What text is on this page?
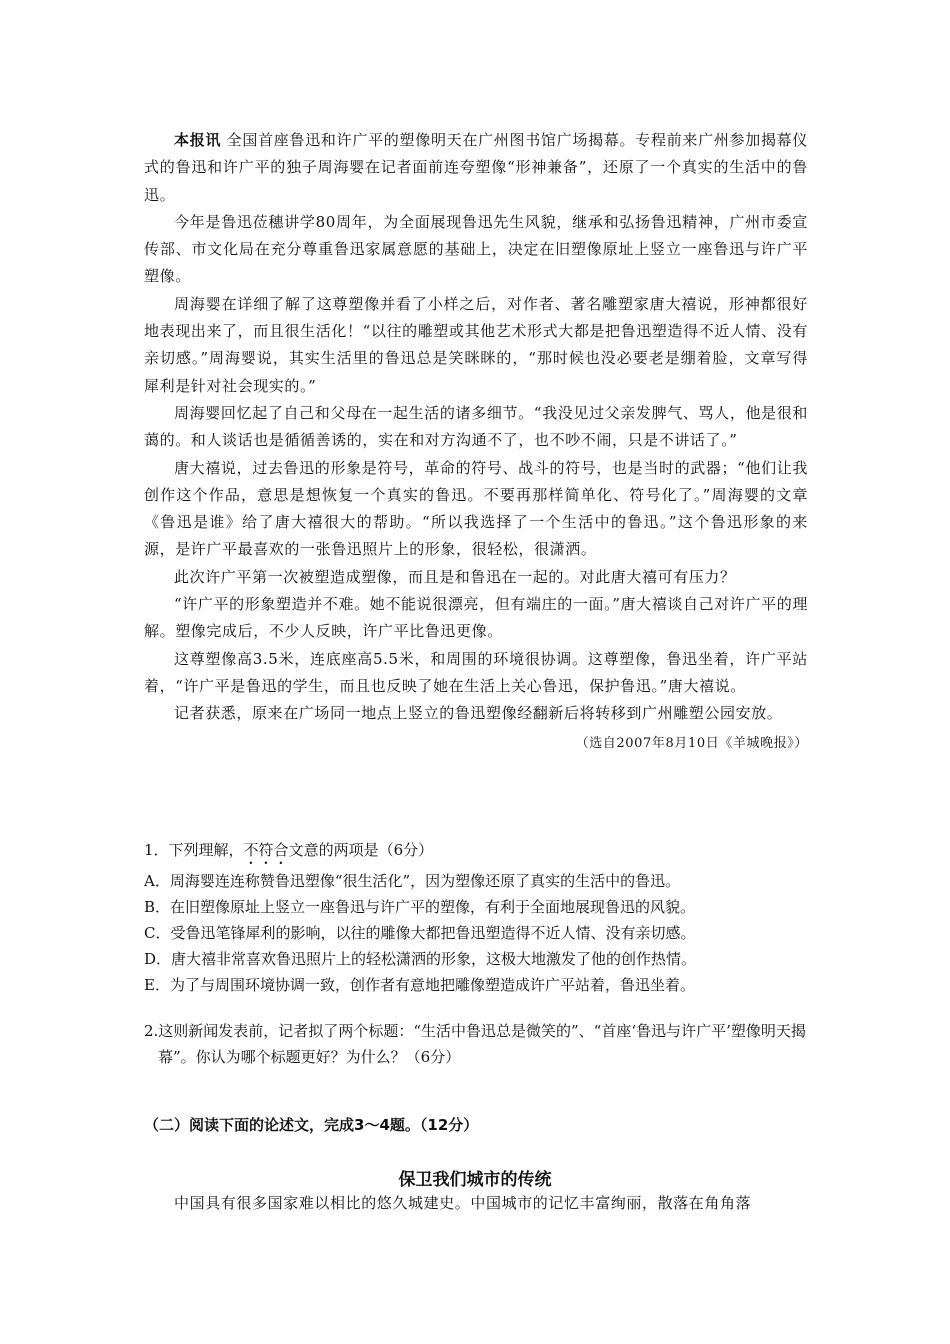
本报讯 全国首座鲁迅和许广平的塑像明天在广州图书馆广场揭幕。专程前来广州参加揭幕仪式的鲁迅和许广平的独子周海婴在记者面前连夸塑像“形神兼备”，还原了一个真实的生活中的鲁迅。

今年是鲁迅莅穗讲学80周年，为全面展现鲁迅先生风貌，继承和弘扬鲁迅精神，广州市委宣传部、市文化局在充分尊重鲁迅家属意愿的基础上，决定在旧塑像原址上竖立一座鲁迅与许广平塑像。

周海婴在详细了解了这尊塑像并看了小样之后，对作者、著名雕塑家唐大禧说，形神都很好地表现出来了，而且很生活化！“以往的雕塑或其他艺术形式大都是把鲁迅塑造得不近人情、没有亲切感。”周海婴说，其实生活里的鲁迅总是笑眯眯的，“那时候也没必要老是绷着脸，文章写得犀利是针对社会现实的。”

周海婴回忆起了自己和父母在一起生活的诸多细节。“我没见过父亲发脾气、骂人，他是很和蔼的。和人谈话也是循循善诱的，实在和对方沟通不了，也不吵不闹，只是不讲话了。”

唐大禧说，过去鲁迅的形象是符号，革命的符号、战斗的符号，也是当时的武器；“他们让我创作这个作品，意思是想恢复一个真实的鲁迅。不要再那样简单化、符号化了。”周海婴的文章《鲁迅是谁》给了唐大禧很大的帮助。“所以我选择了一个生活中的鲁迅。”这个鲁迅形象的来源，是许广平最喜欢的一张鲁迅照片上的形象，很轻松，很潇洒。

此次许广平第一次被塑造成塑像，而且是和鲁迅在一起的。对此唐大禧可有压力？

“许广平的形象塑造并不难。她不能说很漂亮，但有端庄的一面。”唐大禧谈自己对许广平的理解。塑像完成后，不少人反映，许广平比鲁迅更像。

这尊塑像高3.5米，连底座高5.5米，和周围的环境很协调。这尊塑像，鲁迅坐着，许广平站着，“许广平是鲁迅的学生，而且也反映了她在生活上关心鲁迅，保护鲁迅。”唐大禧说。

记者获悉，原来在广场同一地点上竖立的鲁迅塑像经翻新后将转移到广州雕塑公园安放。

（选自2007年8月10日《羊城晚报》）

1．下列理解，不符合文意的两项是（6分）

A．周海婴连连称赞鲁迅塑像“很生活化”，因为塑像还原了真实的生活中的鲁迅。

B．在旧塑像原址上竖立一座鲁迅与许广平的塑像，有利于全面地展现鲁迅的风貌。

C．受鲁迅笔锋犀利的影响，以往的雕像大都把鲁迅塑造得不近人情、没有亲切感。

D．唐大禧非常喜欢鲁迅照片上的轻松潇洒的形象，这极大地激发了他的创作热情。

E．为了与周围环境协调一致，创作者有意地把雕像塑造成许广平站着，鲁迅坐着。

2.这则新闻发表前，记者拟了两个标题：“生活中鲁迅总是微笑的”、“首座‘鲁迅与许广平’塑像明天揭幕”。你认为哪个标题更好？为什么？（6分）

（二）阅读下面的论述文，完成3～4题。（12分）
保卫我们城市的传统

中国具有很多国家难以相比的悠久城建史。中国城市的记忆丰富绚丽，散落在角角落
